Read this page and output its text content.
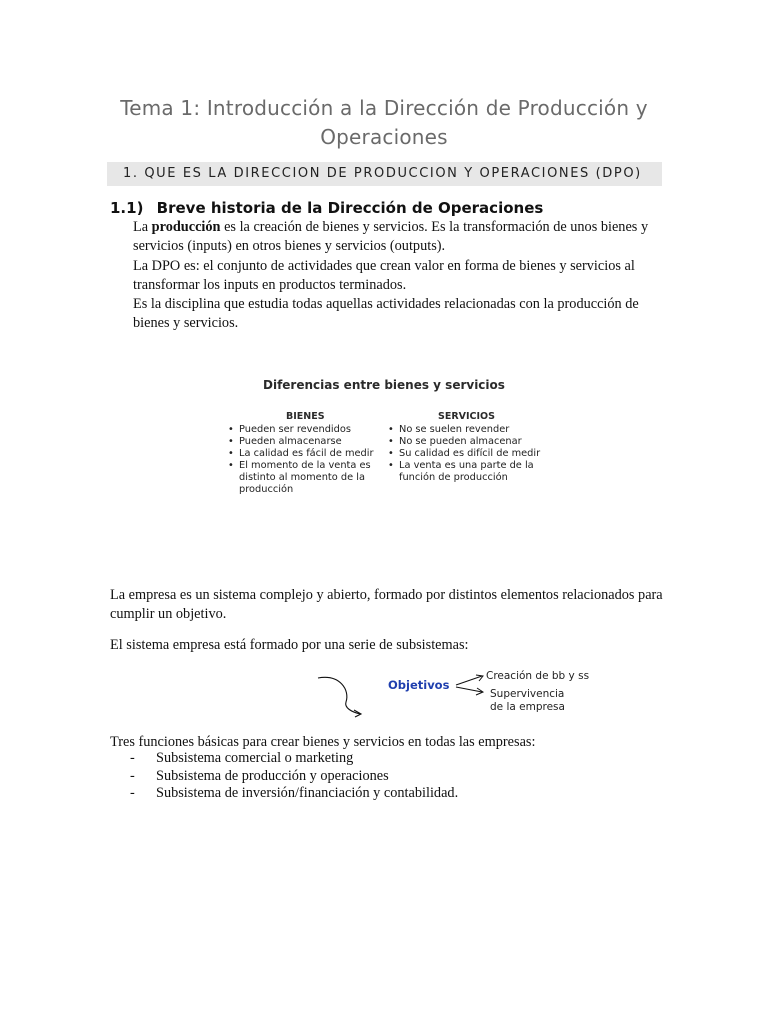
Tema 1: Introducción a la Dirección de Producción y
Operaciones
1. QUE ES LA DIRECCION DE PRODUCCION Y OPERACIONES (DPO)
1.1) Breve historia de la Dirección de Operaciones

La producción es la creación de bienes y servicios. Es la transformación de unos bienes y servicios (inputs) en otros bienes y servicios (outputs).

La DPO es: el conjunto de actividades que crean valor en forma de bienes y servicios al transformar los inputs en productos terminados.

Es la disciplina que estudia todas aquellas actividades relacionadas con la producción de bienes y servicios.

Diferencias entre bienes y servicios
BIENES	SERVICIOS
• Pueden ser revendidos
• Pueden almacenarse
• La calidad es fácil de medir
• El momento de la venta es distinto al momento de la producción
• No se suelen revender
• No se pueden almacenar
• Su calidad es difícil de medir
• La venta es una parte de la función de producción

La empresa es un sistema complejo y abierto, formado por distintos elementos relacionados para cumplir un objetivo.

El sistema empresa está formado por una serie de subsistemas:

Objetivos
Creación de bb y ss
Supervivencia
de la empresa
Tres funciones básicas para crear bienes y servicios en todas las empresas:
- Subsistema comercial o marketing
- Subsistema de producción y operaciones
- Subsistema de inversión/financiación y contabilidad.
